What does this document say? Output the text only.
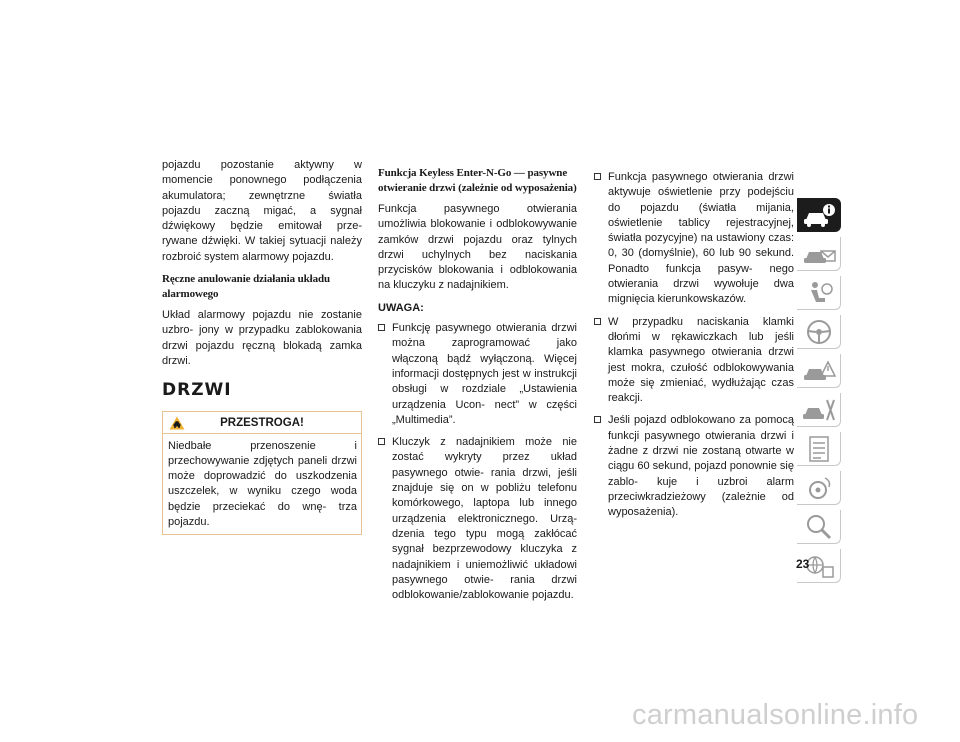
pojazdu pozostanie aktywny w momencie ponownego podłączenia akumulatora; zewnętrzne światła pojazdu zaczną migać, a sygnał dźwiękowy będzie emitował prze- rywane dźwięki. W takiej sytuacji należy rozbroić system alarmowy pojazdu.

Ręczne anulowanie działania układu alarmowego

Układ alarmowy pojazdu nie zostanie uzbro- jony w przypadku zablokowania drzwi pojazdu ręczną blokadą zamka drzwi.

DRZWI
PRZESTROGA!
Niedbałe przenoszenie i przechowywanie zdjętych paneli drzwi może doprowadzić do uszkodzenia uszczelek, w wyniku czego woda będzie przeciekać do wnę- trza pojazdu.
Funkcja Keyless Enter-N-Go — pasywne otwieranie drzwi (zależnie od wyposażenia)

Funkcja pasywnego otwierania umożliwia blokowanie i odblokowywanie zamków drzwi pojazdu oraz tylnych drzwi uchylnych bez naciskania przycisków blokowania i odblokowania na kluczyku z nadajnikiem.

UWAGA:
Funkcję pasywnego otwierania drzwi można zaprogramować jako włączoną bądź wyłączoną. Więcej informacji dostępnych jest w instrukcji obsługi w rozdziale „Ustawienia urządzenia Ucon- nect” w części „Multimedia”.
Kluczyk z nadajnikiem może nie zostać wykryty przez układ pasywnego otwie- rania drzwi, jeśli znajduje się on w pobliżu telefonu komórkowego, laptopa lub innego urządzenia elektronicznego. Urzą- dzenia tego typu mogą zakłócać sygnał bezprzewodowy kluczyka z nadajnikiem i uniemożliwić układowi pasywnego otwie- rania drzwi odblokowanie/zablokowanie pojazdu.
Funkcja pasywnego otwierania drzwi aktywuje oświetlenie przy podejściu do pojazdu (światła mijania, oświetlenie tablicy rejestracyjnej, światła pozycyjne) na ustawiony czas: 0, 30 (domyślnie), 60 lub 90 sekund. Ponadto funkcja pasyw- nego otwierania drzwi wywołuje dwa mignięcia kierunkowskazów.
W przypadku naciskania klamki dłońmi w rękawiczkach lub jeśli klamka pasywnego otwierania drzwi jest mokra, czułość odblokowywania może się zmieniać, wydłużając czas reakcji.
Jeśli pojazd odblokowano za pomocą funkcji pasywnego otwierania drzwi i żadne z drzwi nie zostaną otwarte w ciągu 60 sekund, pojazd ponownie się zablo- kuje i uzbroi alarm przeciwkradzieżowy (zależnie od wyposażenia).
23
carmanualsonline.info
